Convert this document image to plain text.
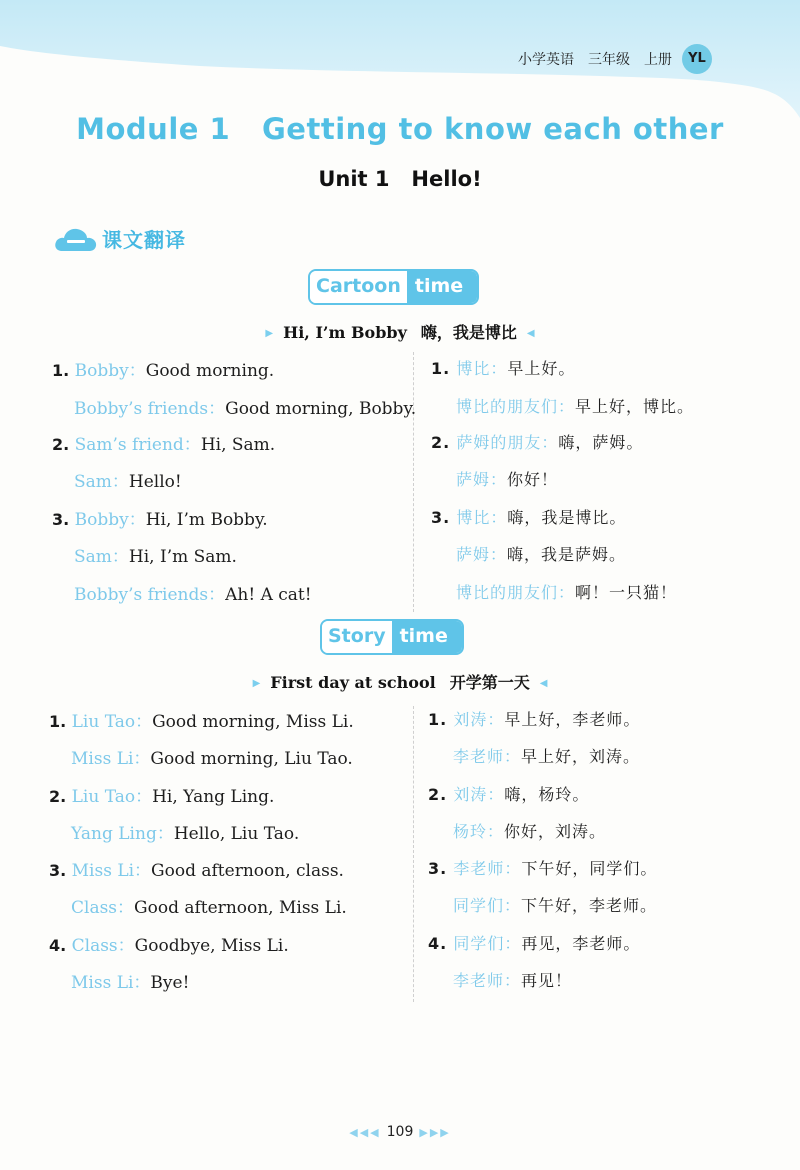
小学英语 三年级 上册	YL
Module 1   Getting to know each other
Unit 1   Hello!
课文翻译
Cartoon time
▶ Hi, I’m Bobby 嗨，我是博比 ◀
Story time
▶ First day at school 开学第一天 ◀
1. Bobby：Good morning.
Bobby’s friends：Good morning, Bobby.
2. Sam’s friend：Hi, Sam.
Sam：Hello!
3. Bobby：Hi, I’m Bobby.
Sam：Hi, I’m Sam.
Bobby’s friends：Ah! A cat!
1. 博比：早上好。
博比的朋友们：早上好，博比。
2. 萨姆的朋友：嗨，萨姆。
萨姆：你好！
3. 博比：嗨，我是博比。
萨姆：嗨，我是萨姆。
博比的朋友们：啊！一只猫！
1. Liu Tao：Good morning, Miss Li.
Miss Li：Good morning, Liu Tao.
2. Liu Tao：Hi, Yang Ling.
Yang Ling：Hello, Liu Tao.
3. Miss Li：Good afternoon, class.
Class：Good afternoon, Miss Li.
4. Class：Goodbye, Miss Li.
Miss Li：Bye!
1. 刘涛：早上好，李老师。
李老师：早上好，刘涛。
2. 刘涛：嗨，杨玲。
杨玲：你好，刘涛。
3. 李老师：下午好，同学们。
同学们：下午好，李老师。
4. 同学们：再见，李老师。
李老师：再见！
◀◀◀ 109 ▶▶▶
